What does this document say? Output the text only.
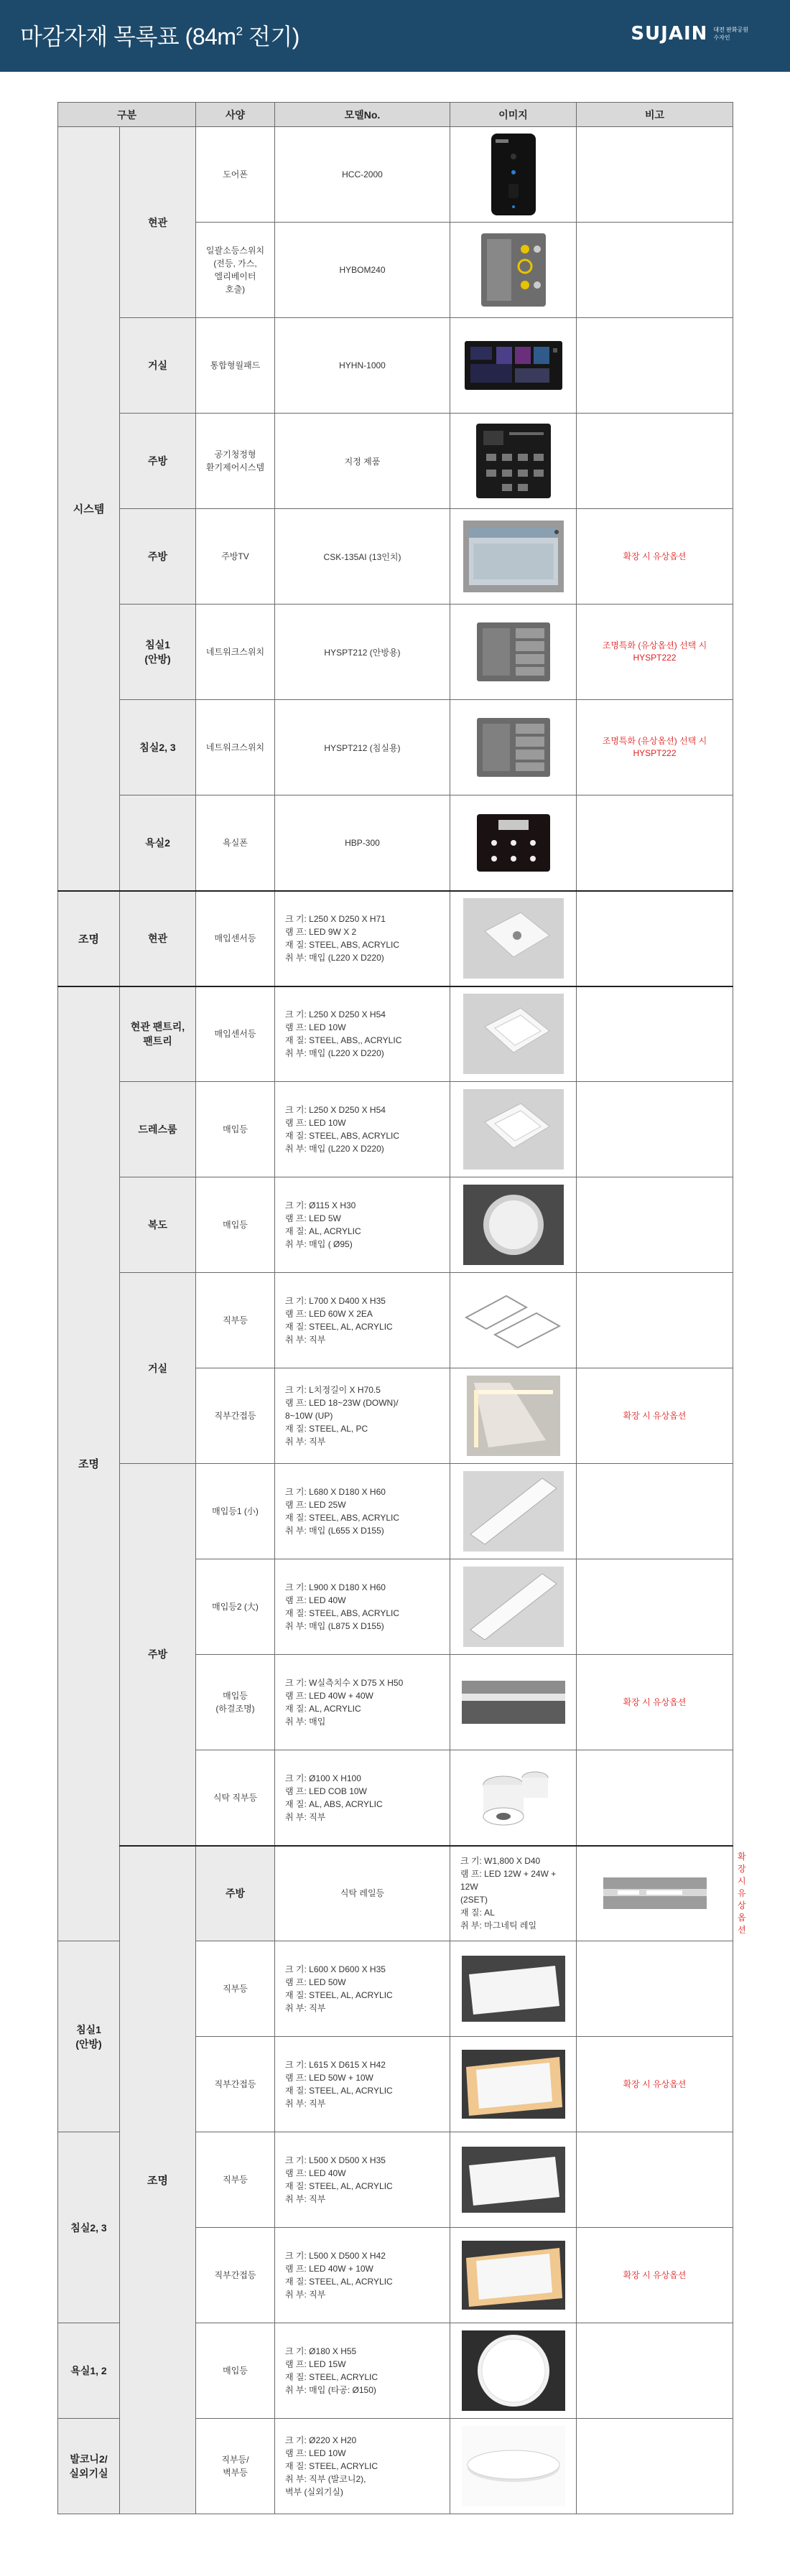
마감자재 목록표 ($84m^2$ 전기)	SUJAIN 대전 판화공원
수자인
구분		사양	모델No.	이미지	비고	
시스템	현관	도어폰	HCC-2000		
		일괄소등스위치
(전등, 가스,
엘리베이터
호출)	HYBOM240		
	거실	통합형월패드	HYHN-1000		
	주방	공기청정형
환기제어시스템	지정 제품		
	주방	주방TV	CSK-135AI (13인치)		확장 시 유상옵션	
	침실1
(안방)	네트워크스위치	HYSPT212 (안방용)		조명특화 (유상옵션) 선택 시
HYSPT222	
	침실2, 3	네트워크스위치	HYSPT212 (침실용)		조명특화 (유상옵션) 선택 시
HYSPT222	
	욕실2	욕실폰	HBP-300		
조명	현관	매입센서등	크 기: L250 X D250 X H71
램 프: LED 9W X 2
재 질: STEEL, ABS, ACRYLIC
취 부: 매입 (L220 X D220)		
조명	현관 팬트리,
팬트리	매입센서등	크 기: L250 X D250 X H54
램 프: LED 10W
재 질: STEEL, ABS,, ACRYLIC
취 부: 매입 (L220 X D220)		
	드레스룸	매입등	크 기: L250 X D250 X H54
램 프: LED 10W
재 질: STEEL, ABS, ACRYLIC
취 부: 매입 (L220 X D220)		
	복도	매입등	크 기: Ø115 X H30
램 프: LED 5W
재 질: AL, ACRYLIC
취 부: 매입 ( Ø95)		
	거실	직부등	크 기: L700 X D400 X H35
램 프: LED 60W X 2EA
재 질: STEEL, AL, ACRYLIC
취 부: 직부		
		직부간접등	크 기: L치정길이 X H70.5
램 프: LED 18~23W (DOWN)/
8~10W (UP)
재 질: STEEL, AL, PC
취 부: 직부		확장 시 유상옵션	
	주방	매입등1 (小)	크 기: L680 X D180 X H60
램 프: LED 25W
재 질: STEEL, ABS, ACRYLIC
취 부: 매입 (L655 X D155)		
		매입등2 (大)	크 기: L900 X D180 X H60
램 프: LED 40W
재 질: STEEL, ABS, ACRYLIC
취 부: 매입 (L875 X D155)		
		매입등
(하걸조명)	크 기: W실측치수 X D75 X H50
램 프: LED 40W + 40W
재 질: AL, ACRYLIC
취 부: 매입		확장 시 유상옵션	
		식탁 직부등	크 기: Ø100 X H100
램 프: LED COB 10W
재 질: AL, ABS, ACRYLIC
취 부: 직부		
	조명	주방	식탁 레일등	크 기: W1,800 X D40
램 프: LED 12W + 24W + 12W
(2SET)
재 질: AL
취 부: 마그네틱 레일		확장 시 유상옵션
침실1
(안방)		직부등	크 기: L600 X D600 X H35
램 프: LED 50W
재 질: STEEL, AL, ACRYLIC
취 부: 직부		
		직부간접등	크 기: L615 X D615 X H42
램 프: LED 50W + 10W
재 질: STEEL, AL, ACRYLIC
취 부: 직부		확장 시 유상옵션	
침실2, 3		직부등	크 기: L500 X D500 X H35
램 프: LED 40W
재 질: STEEL, AL, ACRYLIC
취 부: 직부		
		직부간접등	크 기: L500 X D500 X H42
램 프: LED 40W + 10W
재 질: STEEL, AL, ACRYLIC
취 부: 직부		확장 시 유상옵션	
욕실1, 2		매입등	크 기: Ø180 X H55
램 프: LED 15W
재 질: STEEL, ACRYLIC
취 부: 매입 (타공: Ø150)		
발코니2/
실외기실		직부등/
벽부등	크 기: Ø220 X H20
램 프: LED 10W
재 질: STEEL, ACRYLIC
취 부: 직부 (발코니2),
벽부 (실외기실)		
